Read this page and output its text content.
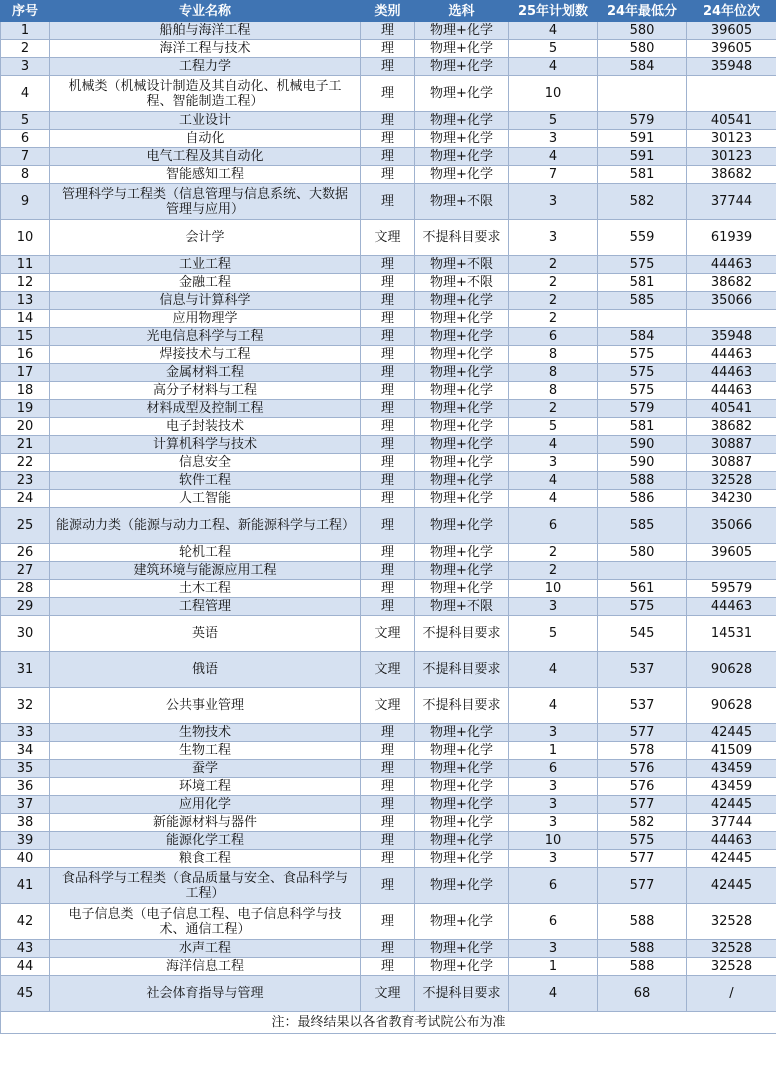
序号	专业名称	类别	选科	25年计划数	24年最低分	24年位次
1	船舶与海洋工程	理	物理+化学	4	580	39605
2	海洋工程与技术	理	物理+化学	5	580	39605
3	工程力学	理	物理+化学	4	584	35948
4	机械类（机械设计制造及其自动化、机械电子工程、智能制造工程）	理	物理+化学	10		
5	工业设计	理	物理+化学	5	579	40541
6	自动化	理	物理+化学	3	591	30123
7	电气工程及其自动化	理	物理+化学	4	591	30123
8	智能感知工程	理	物理+化学	7	581	38682
9	管理科学与工程类（信息管理与信息系统、大数据管理与应用）	理	物理+不限	3	582	37744
10	会计学	文理	不提科目要求	3	559	61939
11	工业工程	理	物理+不限	2	575	44463
12	金融工程	理	物理+不限	2	581	38682
13	信息与计算科学	理	物理+化学	2	585	35066
14	应用物理学	理	物理+化学	2		
15	光电信息科学与工程	理	物理+化学	6	584	35948
16	焊接技术与工程	理	物理+化学	8	575	44463
17	金属材料工程	理	物理+化学	8	575	44463
18	高分子材料与工程	理	物理+化学	8	575	44463
19	材料成型及控制工程	理	物理+化学	2	579	40541
20	电子封装技术	理	物理+化学	5	581	38682
21	计算机科学与技术	理	物理+化学	4	590	30887
22	信息安全	理	物理+化学	3	590	30887
23	软件工程	理	物理+化学	4	588	32528
24	人工智能	理	物理+化学	4	586	34230
25	能源动力类（能源与动力工程、新能源科学与工程）	理	物理+化学	6	585	35066
26	轮机工程	理	物理+化学	2	580	39605
27	建筑环境与能源应用工程	理	物理+化学	2		
28	土木工程	理	物理+化学	10	561	59579
29	工程管理	理	物理+不限	3	575	44463
30	英语	文理	不提科目要求	5	545	14531
31	俄语	文理	不提科目要求	4	537	90628
32	公共事业管理	文理	不提科目要求	4	537	90628
33	生物技术	理	物理+化学	3	577	42445
34	生物工程	理	物理+化学	1	578	41509
35	蚕学	理	物理+化学	6	576	43459
36	环境工程	理	物理+化学	3	576	43459
37	应用化学	理	物理+化学	3	577	42445
38	新能源材料与器件	理	物理+化学	3	582	37744
39	能源化学工程	理	物理+化学	10	575	44463
40	粮食工程	理	物理+化学	3	577	42445
41	食品科学与工程类（食品质量与安全、食品科学与工程）	理	物理+化学	6	577	42445
42	电子信息类（电子信息工程、电子信息科学与技术、通信工程）	理	物理+化学	6	588	32528
43	水声工程	理	物理+化学	3	588	32528
44	海洋信息工程	理	物理+化学	1	588	32528
45	社会体育指导与管理	文理	不提科目要求	4	68	/
注：最终结果以各省教育考试院公布为准						
